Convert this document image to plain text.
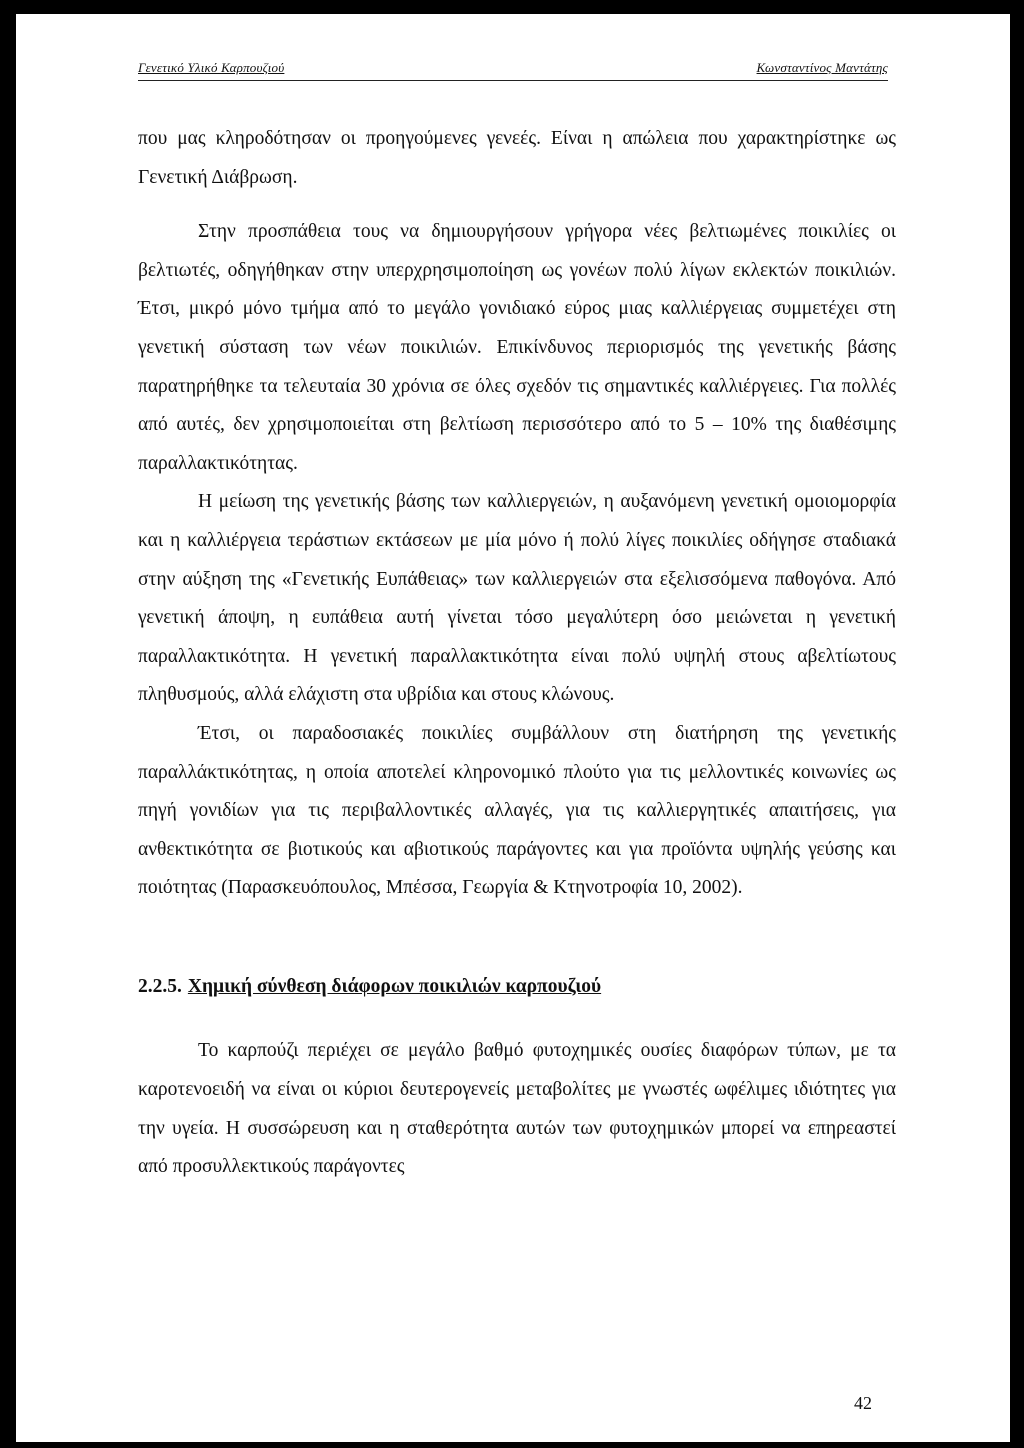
Γενετικό Υλικό Καρπουζιού	Κωνσταντίνος Μαντάτης

που μας κληροδότησαν οι προηγούμενες γενεές. Είναι η απώλεια που χαρακτηρίστηκε ως Γενετική Διάβρωση.

Στην προσπάθεια τους να δημιουργήσουν γρήγορα νέες βελτιωμένες ποικιλίες οι βελτιωτές, οδηγήθηκαν στην υπερχρησιμοποίηση ως γονέων πολύ λίγων εκλεκτών ποικιλιών. Έτσι, μικρό μόνο τμήμα από το μεγάλο γονιδιακό εύρος μιας καλλιέργειας συμμετέχει στη γενετική σύσταση των νέων ποικιλιών. Επικίνδυνος περιορισμός της γενετικής βάσης παρατηρήθηκε τα τελευταία 30 χρόνια σε όλες σχεδόν τις σημαντικές καλλιέργειες. Για πολλές από αυτές, δεν χρησιμοποιείται στη βελτίωση περισσότερο από το 5 – 10% της διαθέσιμης παραλλακτικότητας.

Η μείωση της γενετικής βάσης των καλλιεργειών, η αυξανόμενη γενετική ομοιομορφία και η καλλιέργεια τεράστιων εκτάσεων με μία μόνο ή πολύ λίγες ποικιλίες οδήγησε σταδιακά στην αύξηση της «Γενετικής Ευπάθειας» των καλλιεργειών στα εξελισσόμενα παθογόνα. Από γενετική άποψη, η ευπάθεια αυτή γίνεται τόσο μεγαλύτερη όσο μειώνεται η γενετική παραλλακτικότητα. Η γενετική παραλλακτικότητα είναι πολύ υψηλή στους αβελτίωτους πληθυσμούς, αλλά ελάχιστη στα υβρίδια και στους κλώνους.

Έτσι, οι παραδοσιακές ποικιλίες συμβάλλουν στη διατήρηση της γενετικής παραλλάκτικότητας, η οποία αποτελεί κληρονομικό πλούτο για τις μελλοντικές κοινωνίες ως πηγή γονιδίων για τις περιβαλλοντικές αλλαγές, για τις καλλιεργητικές απαιτήσεις, για ανθεκτικότητα σε βιοτικούς και αβιοτικούς παράγοντες και για προϊόντα υψηλής γεύσης και ποιότητας (Παρασκευόπουλος, Μπέσσα, Γεωργία & Κτηνοτροφία 10, 2002).

2.2.5. Χημική σύνθεση διάφορων ποικιλιών καρπουζιού

Το καρπούζι περιέχει σε μεγάλο βαθμό φυτοχημικές ουσίες διαφόρων τύπων, με τα καροτενοειδή να είναι οι κύριοι δευτερογενείς μεταβολίτες με γνωστές ωφέλιμες ιδιότητες για την υγεία. Η συσσώρευση και η σταθερότητα αυτών των φυτοχημικών μπορεί να επηρεαστεί από προσυλλεκτικούς παράγοντες

42
